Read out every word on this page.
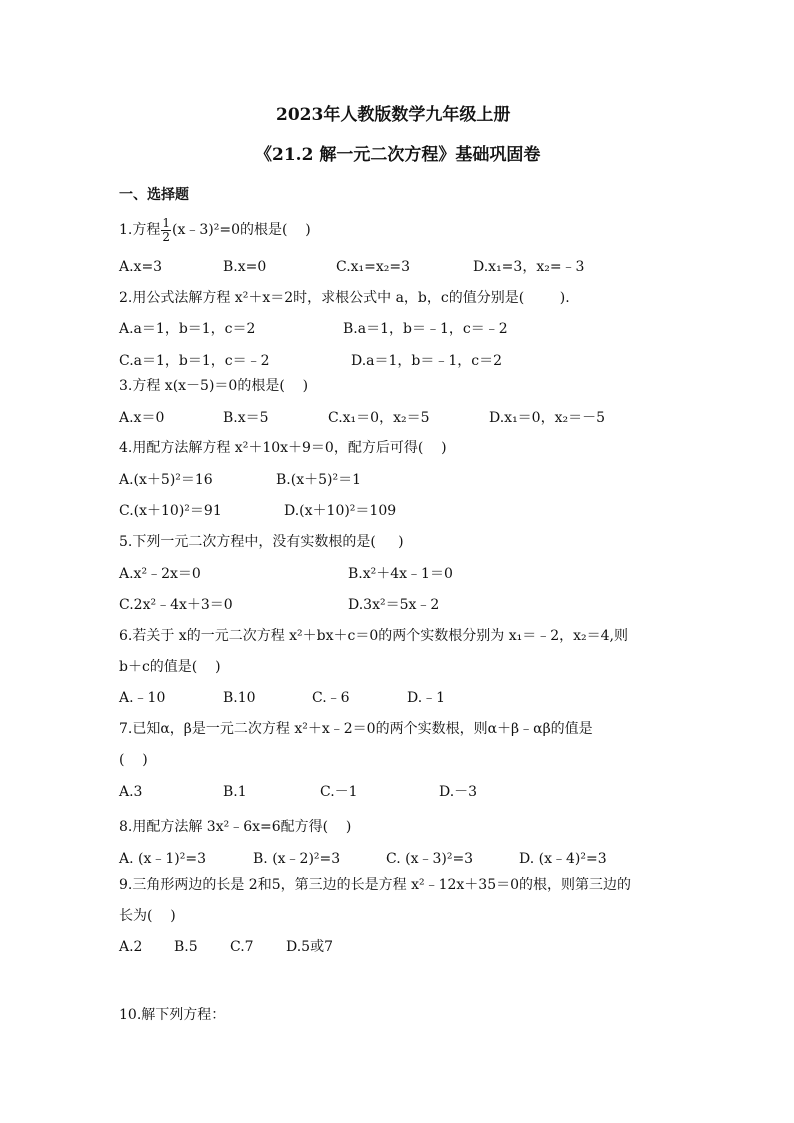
2023年人教版数学九年级上册
《21.2 解一元二次方程》基础巩固卷
一、选择题
1.方程 $\frac{1}{2}$ (x﹣3)²=0的根是(    )
A.x=3	B.x=0	C.x₁=x₂=3	D.x₁=3，x₂=﹣3
2.用公式法解方程 x²＋x＝2时，求根公式中 a，b，c的值分别是(        ).
A.a＝1，b＝1，c＝2	B.a＝1，b＝﹣1，c＝﹣2
C.a＝1，b＝1，c＝﹣2	D.a＝1，b＝﹣1，c＝2
3.方程 x(x－5)＝0的根是(    )
A.x＝0	B.x＝5	C.x₁＝0，x₂＝5	D.x₁＝0，x₂＝－5
4.用配方法解方程 x²＋10x＋9＝0，配方后可得(    )
A.(x＋5)²＝16	B.(x＋5)²＝1
C.(x＋10)²＝91	D.(x＋10)²＝109
5.下列一元二次方程中，没有实数根的是(     )
A.x²﹣2x＝0	B.x²＋4x﹣1＝0
C.2x²﹣4x＋3＝0	D.3x²＝5x﹣2
6.若关于 x的一元二次方程 x²＋bx＋c＝0的两个实数根分别为 x₁＝﹣2，x₂＝4,则
b＋c的值是(    )
A.﹣10	B.10	C.﹣6	D.﹣1
7.已知α，β是一元二次方程 x²＋x﹣2＝0的两个实数根，则α＋β﹣αβ的值是
(    )
A.3	B.1	C.－1	D.－3
8.用配方法解 3x²﹣6x=6配方得(    )
A. (x﹣1)²=3	B. (x﹣2)²=3	C. (x﹣3)²=3	D. (x﹣4)²=3
9.三角形两边的长是 2和5，第三边的长是方程 x²﹣12x＋35＝0的根，则第三边的
长为(    )
A.2 B.5 C.7 D.5或7
10.解下列方程：
